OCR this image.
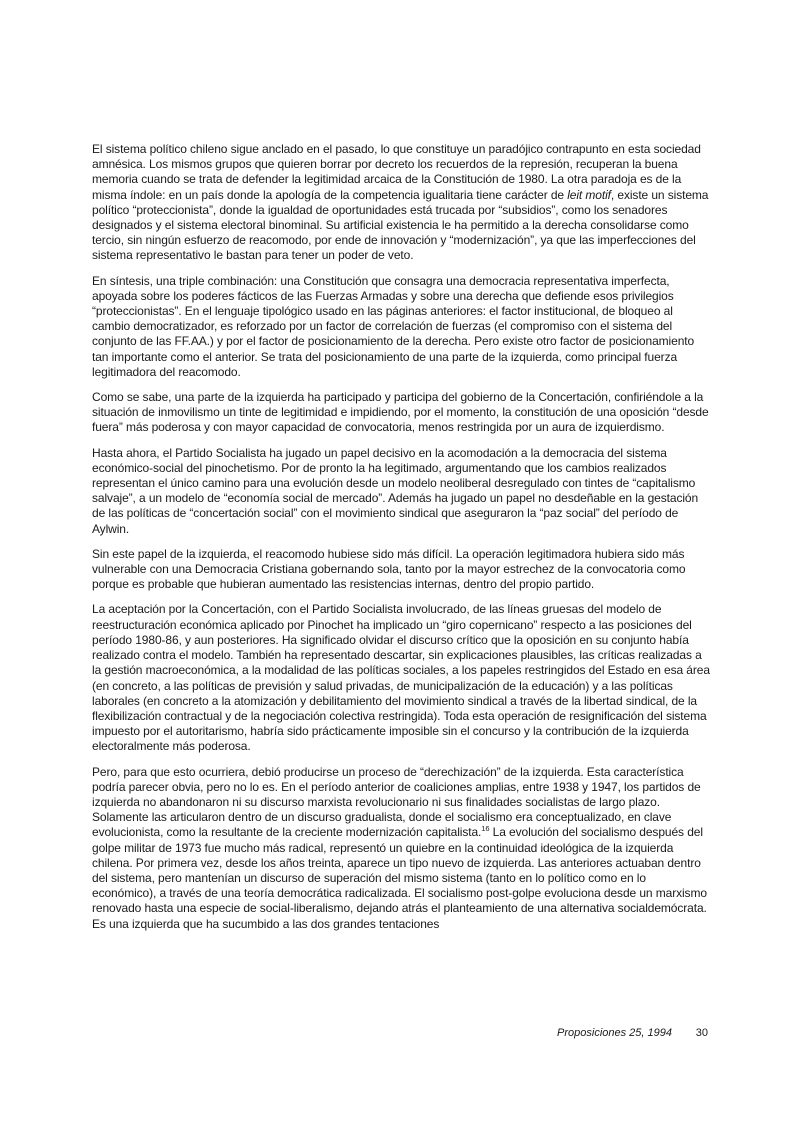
El sistema político chileno sigue anclado en el pasado, lo que constituye un paradójico contrapunto en esta sociedad amnésica. Los mismos grupos que quieren borrar por decreto los recuerdos de la represión, recuperan la buena memoria cuando se trata de defender la legitimidad arcaica de la Constitución de 1980. La otra paradoja es de la misma índole: en un país donde la apología de la competencia igualitaria tiene carácter de leit motif, existe un sistema político “proteccionista”, donde la igualdad de oportunidades está trucada por “subsidios”, como los senadores designados y el sistema electoral binominal. Su artificial existencia le ha permitido a la derecha consolidarse como tercio, sin ningún esfuerzo de reacomodo, por ende de innovación y “modernización”, ya que las imperfecciones del sistema representativo le bastan para tener un poder de veto.

En síntesis, una triple combinación: una Constitución que consagra una democracia representativa imperfecta, apoyada sobre los poderes fácticos de las Fuerzas Armadas y sobre una derecha que defiende esos privilegios “proteccionistas”. En el lenguaje tipológico usado en las páginas anteriores: el factor institucional, de bloqueo al cambio democratizador, es reforzado por un factor de correlación de fuerzas (el compromiso con el sistema del conjunto de las FF.AA.) y por el factor de posicionamiento de la derecha. Pero existe otro factor de posicionamiento tan importante como el anterior. Se trata del posicionamiento de una parte de la izquierda, como principal fuerza legitimadora del reacomodo.

Como se sabe, una parte de la izquierda ha participado y participa del gobierno de la Concertación, confiriéndole a la situación de inmovilismo un tinte de legitimidad e impidiendo, por el momento, la constitución de una oposición “desde fuera” más poderosa y con mayor capacidad de convocatoria, menos restringida por un aura de izquierdismo.

Hasta ahora, el Partido Socialista ha jugado un papel decisivo en la acomodación a la democracia del sistema económico-social del pinochetismo. Por de pronto la ha legitimado, argumentando que los cambios realizados representan el único camino para una evolución desde un modelo neoliberal desregulado con tintes de “capitalismo salvaje”, a un modelo de “economía social de mercado”. Además ha jugado un papel no desdeñable en la gestación de las políticas de “concertación social” con el movimiento sindical que aseguraron la “paz social” del período de Aylwin.

Sin este papel de la izquierda, el reacomodo hubiese sido más difícil. La operación legitimadora hubiera sido más vulnerable con una Democracia Cristiana gobernando sola, tanto por la mayor estrechez de la convocatoria como porque es probable que hubieran aumentado las resistencias internas, dentro del propio partido.

La aceptación por la Concertación, con el Partido Socialista involucrado, de las líneas gruesas del modelo de reestructuración económica aplicado por Pinochet ha implicado un “giro copernicano” respecto a las posiciones del período 1980-86, y aun posteriores. Ha significado olvidar el discurso crítico que la oposición en su conjunto había realizado contra el modelo. También ha representado descartar, sin explicaciones plausibles, las críticas realizadas a la gestión macroeconómica, a la modalidad de las políticas sociales, a los papeles restringidos del Estado en esa área (en concreto, a las políticas de previsión y salud privadas, de municipalización de la educación) y a las políticas laborales (en concreto a la atomización y debilitamiento del movimiento sindical a través de la libertad sindical, de la flexibilización contractual y de la negociación colectiva restringida). Toda esta operación de resignificación del sistema impuesto por el autoritarismo, habría sido prácticamente imposible sin el concurso y la contribución de la izquierda electoralmente más poderosa.

Pero, para que esto ocurriera, debió producirse un proceso de “derechización” de la izquierda. Esta característica podría parecer obvia, pero no lo es. En el período anterior de coaliciones amplias, entre 1938 y 1947, los partidos de izquierda no abandonaron ni su discurso marxista revolucionario ni sus finalidades socialistas de largo plazo. Solamente las articularon dentro de un discurso gradualista, donde el socialismo era conceptualizado, en clave evolucionista, como la resultante de la creciente modernización capitalista.$^{16}$ La evolución del socialismo después del golpe militar de 1973 fue mucho más radical, representó un quiebre en la continuidad ideológica de la izquierda chilena. Por primera vez, desde los años treinta, aparece un tipo nuevo de izquierda. Las anteriores actuaban dentro del sistema, pero mantenían un discurso de superación del mismo sistema (tanto en lo político como en lo económico), a través de una teoría democrática radicalizada. El socialismo post-golpe evoluciona desde un marxismo renovado hasta una especie de social-liberalismo, dejando atrás el planteamiento de una alternativa socialdemócrata. Es una izquierda que ha sucumbido a las dos grandes tentaciones

Proposiciones 25, 1994 30
